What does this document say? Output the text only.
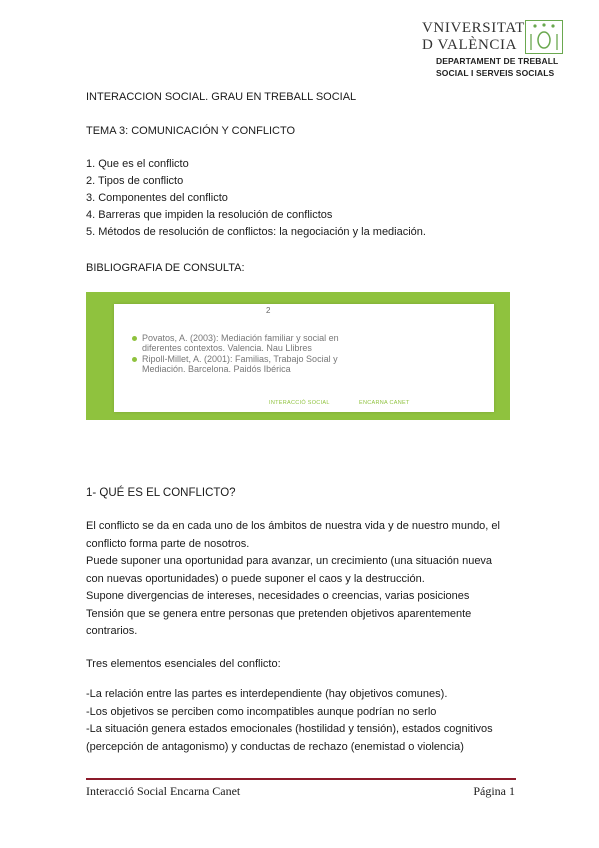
VNIVERSITAT
D VALÈNCIA
DEPARTAMENT DE TREBALL
SOCIAL I SERVEIS SOCIALS
INTERACCION SOCIAL. GRAU EN TREBALL SOCIAL
TEMA 3: COMUNICACIÓN Y CONFLICTO
1. Que es el conflicto
2. Tipos de conflicto
3. Componentes del conflicto
4. Barreras que impiden la resolución de conflictos
5. Métodos de resolución de conflictos: la negociación y la mediación.
BIBLIOGRAFIA DE CONSULTA:
2
Povatos, A. (2003): Mediación familiar y social en diferentes contextos. Valencia. Nau Llibres
Ripoll-Millet, A. (2001): Familias, Trabajo Social y Mediación. Barcelona. Paidós Ibérica
INTERACCIÓ SOCIAL	ENCARNA CANET
1- QUÉ ES EL CONFLICTO?
El conflicto se da en cada uno de los ámbitos de nuestra vida y de nuestro mundo, el
conflicto forma parte de nosotros.
Puede suponer una oportunidad para avanzar, un crecimiento (una situación nueva
con nuevas oportunidades) o puede suponer el caos y la destrucción.
Supone divergencias de intereses, necesidades o creencias, varias posiciones
Tensión que se genera entre personas que pretenden objetivos aparentemente
contrarios.
Tres elementos esenciales del conflicto:
-La relación entre las partes es interdependiente (hay objetivos comunes).
-Los objetivos se perciben como incompatibles aunque podrían no serlo
-La situación genera estados emocionales (hostilidad y tensión), estados cognitivos
(percepción de antagonismo) y conductas de rechazo (enemistad o violencia)
Interacció Social Encarna Canet	Página 1
